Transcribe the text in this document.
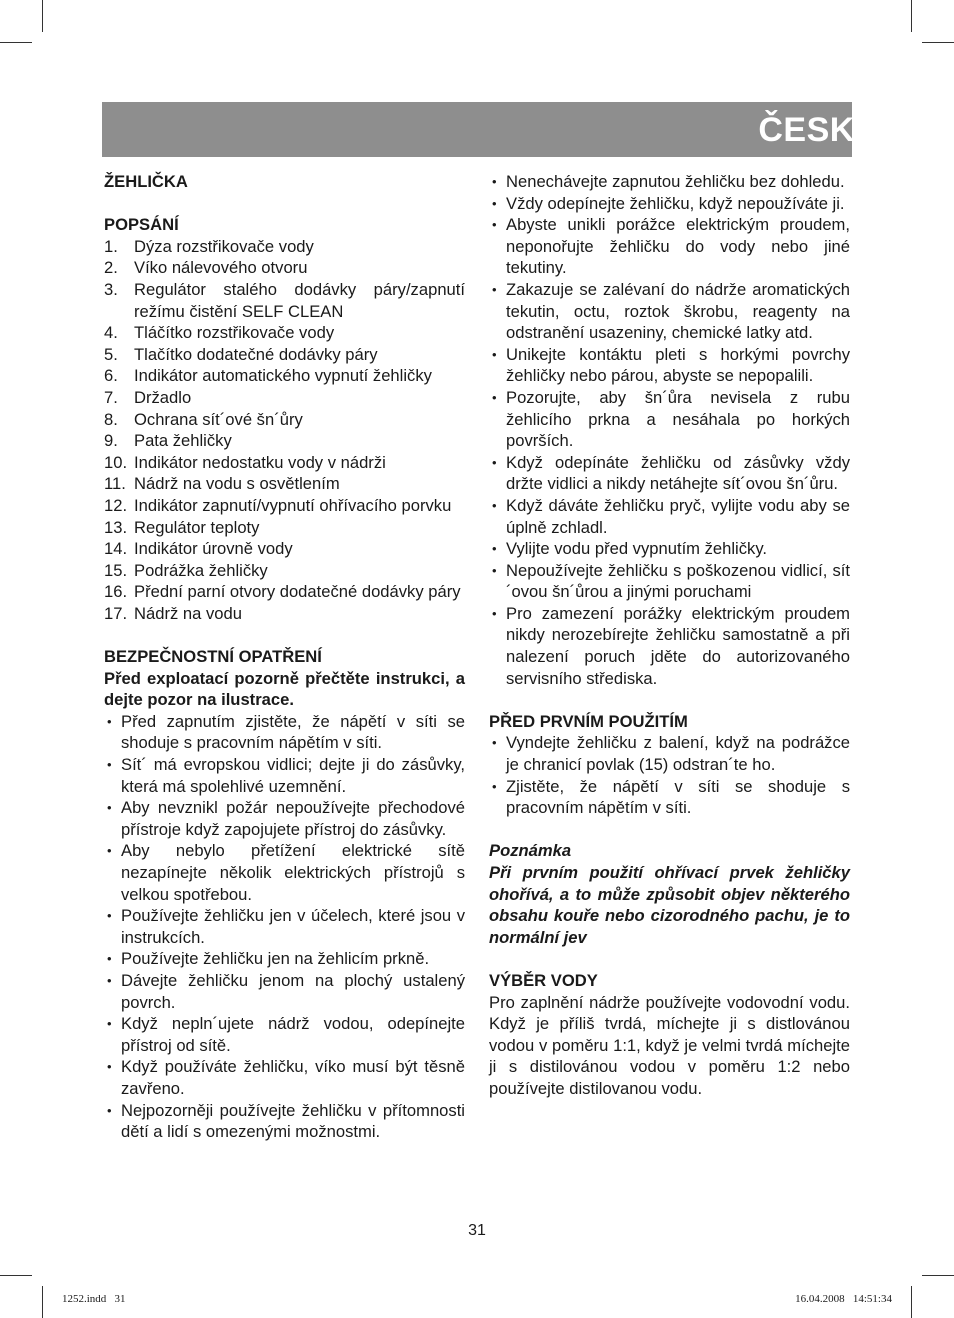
ČESKÝ
ŽEHLIČKA
POPSÁNÍ
1. Dýza rozstřikovače vody
2. Víko nálevového otvoru
3. Regulátor stalého dodávky páry/zapnutí režímu čistění SELF CLEAN
4. Tláčítko rozstřikovače vody
5. Tlačítko dodatečné dodávky páry
6. Indikátor automatického vypnutí žehličky
7. Držadlo
8. Ochrana sít´ové šn´ůry
9. Pata žehličky
10. Indikátor nedostatku vody v nádrži
11. Nádrž na vodu s osvětlením
12. Indikátor zapnutí/vypnutí ohřívacího porvku
13. Regulátor teploty
14. Indikátor úrovně vody
15. Podrážka žehličky
16. Přední parní otvory dodatečné dodávky páry
17. Nádrž na vodu
BEZPEČNOSTNÍ OPATŘENÍ
Před exploatací pozorně přečtěte instrukci, a dejte pozor na ilustrace.
• Před zapnutím zjistěte, že nápětí v síti se shoduje s pracovním nápětím v síti.
• Sít´ má evropskou vidlici; dejte ji do zásůvky, která má spolehlivé uzemnění.
• Aby nevznikl požár nepoužívejte přechodové přístroje když zapojujete přístroj do zásůvky.
• Aby nebylo přetížení elektrické sítě nezapínejte několik elektrických přístrojů s velkou spotřebou.
• Používejte žehličku jen v účelech, které jsou v instrukcích.
• Používejte žehličku jen na žehlicím prkně.
• Dávejte žehličku jenom na plochý ustalený povrch.
• Když nepln´ujete nádrž vodou, odepínejte přístroj od sítě.
• Když používáte žehličku, víko musí být těsně zavřeno.
• Nejpozorněji používejte žehličku v přítomnosti dětí a lidí s omezenými možnostmi.
• Nenechávejte zapnutou žehličku bez dohledu.
• Vždy odepínejte žehličku, když nepoužíváte ji.
• Abyste unikli porážce elektrickým proudem, neponořujte žehličku do vody nebo jiné tekutiny.
• Zakazuje se zalévaní do nádrže aromatických tekutin, octu, roztok škrobu, reagenty na odstranění usazeniny, chemické latky atd.
• Unikejte kontáktu pleti s horkými povrchy žehličky nebo párou, abyste se nepopalili.
• Pozorujte, aby šn´ůra nevisela z rubu žehlicího prkna a nesáhala po horkých površích.
• Když odepínáte žehličku od zásůvky vždy držte vidlici a nikdy netáhejte sít´ovou šn´ůru.
• Když dáváte žehličku pryč, vylijte vodu aby se úplně zchladl.
• Vylijte vodu před vypnutím žehličky.
• Nepoužívejte žehličku s poškozenou vidlicí, sít´ovou šn´ůrou a jinými poruchami
• Pro zamezení porážky elektrickým proudem nikdy nerozebírejte žehličku samostatně a při nalezení poruch jděte do autorizovaného servisního střediska.
PŘED PRVNÍM POUŽITÍM
• Vyndejte žehličku z balení, když na podrážce je chranicí povlak (15) odstran´te ho.
• Zjistěte, že nápětí v síti se shoduje s pracovním nápětím v síti.
Poznámka
Při prvním použití ohřívací prvek žehličky ohořívá, a to může způsobit objev některého obsahu kouře nebo cizorodného pachu, je to normální jev
VÝBĚR VODY
Pro zaplnění nádrže používejte vodovodní vodu. Když je příliš tvrdá, míchejte ji s distlovánou vodou v poměru 1:1, když je velmi tvrdá míchejte ji s distilovánou vodou v poměru 1:2 nebo používejte distilovanou vodu.
31
1252.indd   31	16.04.2008   14:51:34
